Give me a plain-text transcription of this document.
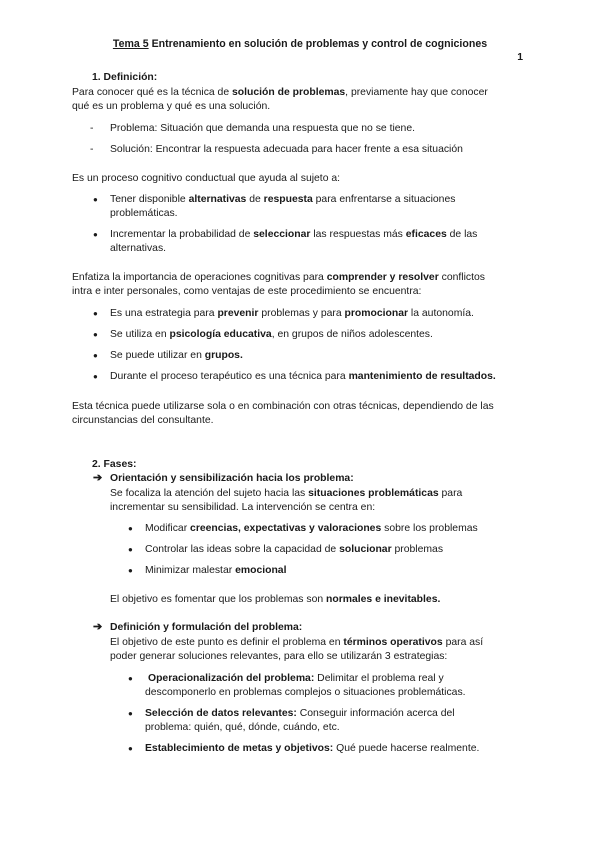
Tema 5 Entrenamiento en solución de problemas y control de cogniciones
1
1. Definición:
Para conocer qué es la técnica de solución de problemas, previamente hay que conocer
qué es un problema y qué es una solución.
- Problema: Situación que demanda una respuesta que no se tiene.
- Solución: Encontrar la respuesta adecuada para hacer frente a esa situación
Es un proceso cognitivo conductual que ayuda al sujeto a:
● Tener disponible alternativas de respuesta para enfrentarse a situaciones
problemáticas.
● Incrementar la probabilidad de seleccionar las respuestas más eficaces de las
alternativas.
Enfatiza la importancia de operaciones cognitivas para comprender y resolver conflictos
intra e inter personales, como ventajas de este procedimiento se encuentra:
● Es una estrategia para prevenir problemas y para promocionar la autonomía.
● Se utiliza en psicología educativa, en grupos de niños adolescentes.
● Se puede utilizar en grupos.
● Durante el proceso terapéutico es una técnica para mantenimiento de resultados.
Esta técnica puede utilizarse sola o en combinación con otras técnicas, dependiendo de las
circunstancias del consultante.
2. Fases:
➔ Orientación y sensibilización hacia los problema:
Se focaliza la atención del sujeto hacia las situaciones problemáticas para
incrementar su sensibilidad. La intervención se centra en:
● Modificar creencias, expectativas y valoraciones sobre los problemas
● Controlar las ideas sobre la capacidad de solucionar problemas
● Minimizar malestar emocional
El objetivo es fomentar que los problemas son normales e inevitables.
➔ Definición y formulación del problema:
El objetivo de este punto es definir el problema en términos operativos para así
poder generar soluciones relevantes, para ello se utilizarán 3 estrategias:
● Operacionalización del problema: Delimitar el problema real y
descomponerlo en problemas complejos o situaciones problemáticas.
● Selección de datos relevantes: Conseguir información acerca del
problema: quién, qué, dónde, cuándo, etc.
● Establecimiento de metas y objetivos: Qué puede hacerse realmente.
